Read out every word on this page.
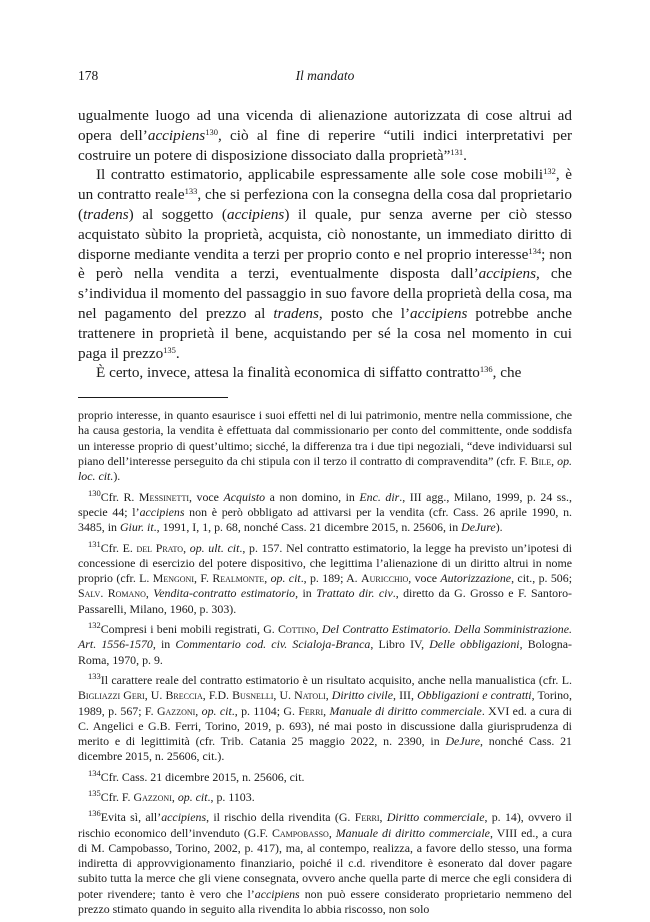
178	Il mandato

ugualmente luogo ad una vicenda di alienazione autorizzata di cose altrui ad opera dell’accipiens$^{130}$, ciò al fine di reperire “utili indici interpretativi per costruire un potere di disposizione dissociato dalla proprietà”$^{131}$.

Il contratto estimatorio, applicabile espressamente alle sole cose mobili$^{132}$, è un contratto reale$^{133}$, che si perfeziona con la consegna della cosa dal proprietario (tradens) al soggetto (accipiens) il quale, pur senza averne per ciò stesso acquistato sùbito la proprietà, acquista, ciò nonostante, un immediato diritto di disporne mediante vendita a terzi per proprio conto e nel proprio interesse$^{134}$; non è però nella vendita a terzi, eventualmente disposta dall’accipiens, che s’individua il momento del passaggio in suo favore della proprietà della cosa, ma nel pagamento del prezzo al tradens, posto che l’accipiens potrebbe anche trattenere in proprietà il bene, acquistando per sé la cosa nel momento in cui paga il prezzo$^{135}$.

È certo, invece, attesa la finalità economica di siffatto contratto$^{136}$, che

proprio interesse, in quanto esaurisce i suoi effetti nel di lui patrimonio, mentre nella commissione, che ha causa gestoria, la vendita è effettuata dal commissionario per conto del committente, onde soddisfa un interesse proprio di quest’ultimo; sicché, la differenza tra i due tipi negoziali, “deve individuarsi sul piano dell’interesse perseguito da chi stipula con il terzo il contratto di compravendita” (cfr. F. Bile, op. loc. cit.).

$^{130}$Cfr. R. Messinetti, voce Acquisto a non domino, in Enc. dir., III agg., Milano, 1999, p. 24 ss., specie 44; l’accipiens non è però obbligato ad attivarsi per la vendita (cfr. Cass. 26 aprile 1990, n. 3485, in Giur. it., 1991, I, 1, p. 68, nonché Cass. 21 dicembre 2015, n. 25606, in DeJure).

$^{131}$Cfr. E. del Prato, op. ult. cit., p. 157. Nel contratto estimatorio, la legge ha previsto un’ipotesi di concessione di esercizio del potere dispositivo, che legittima l’alienazione di un diritto altrui in nome proprio (cfr. L. Mengoni, F. Realmonte, op. cit., p. 189; A. Auricchio, voce Autorizzazione, cit., p. 506; Salv. Romano, Vendita-contratto estimatorio, in Trattato dir. civ., diretto da G. Grosso e F. Santoro-Passarelli, Milano, 1960, p. 303).

$^{132}$Compresi i beni mobili registrati, G. Cottino, Del Contratto Estimatorio. Della Somministrazione. Art. 1556-1570, in Commentario cod. civ. Scialoja-Branca, Libro IV, Delle obbligazioni, Bologna-Roma, 1970, p. 9.

$^{133}$Il carattere reale del contratto estimatorio è un risultato acquisito, anche nella manualistica (cfr. L. Bigliazzi Geri, U. Breccia, F.D. Busnelli, U. Natoli, Diritto civile, III, Obbligazioni e contratti, Torino, 1989, p. 567; F. Gazzoni, op. cit., p. 1104; G. Ferri, Manuale di diritto commerciale. XVI ed. a cura di C. Angelici e G.B. Ferri, Torino, 2019, p. 693), né mai posto in discussione dalla giurisprudenza di merito e di legittimità (cfr. Trib. Catania 25 maggio 2022, n. 2390, in DeJure, nonché Cass. 21 dicembre 2015, n. 25606, cit.).

$^{134}$Cfr. Cass. 21 dicembre 2015, n. 25606, cit.

$^{135}$Cfr. F. Gazzoni, op. cit., p. 1103.

$^{136}$Evita sì, all’accipiens, il rischio della rivendita (G. Ferri, Diritto commerciale, p. 14), ovvero il rischio economico dell’invenduto (G.F. Campobasso, Manuale di diritto commerciale, VIII ed., a cura di M. Campobasso, Torino, 2002, p. 417), ma, al contempo, realizza, a favore dello stesso, una forma indiretta di approvvigionamento finanziario, poiché il c.d. rivenditore è esonerato dal dover pagare subito tutta la merce che gli viene consegnata, ovvero anche quella parte di merce che egli considera di poter rivendere; tanto è vero che l’accipiens non può essere considerato proprietario nemmeno del prezzo stimato quando in seguito alla rivendita lo abbia riscosso, non solo
